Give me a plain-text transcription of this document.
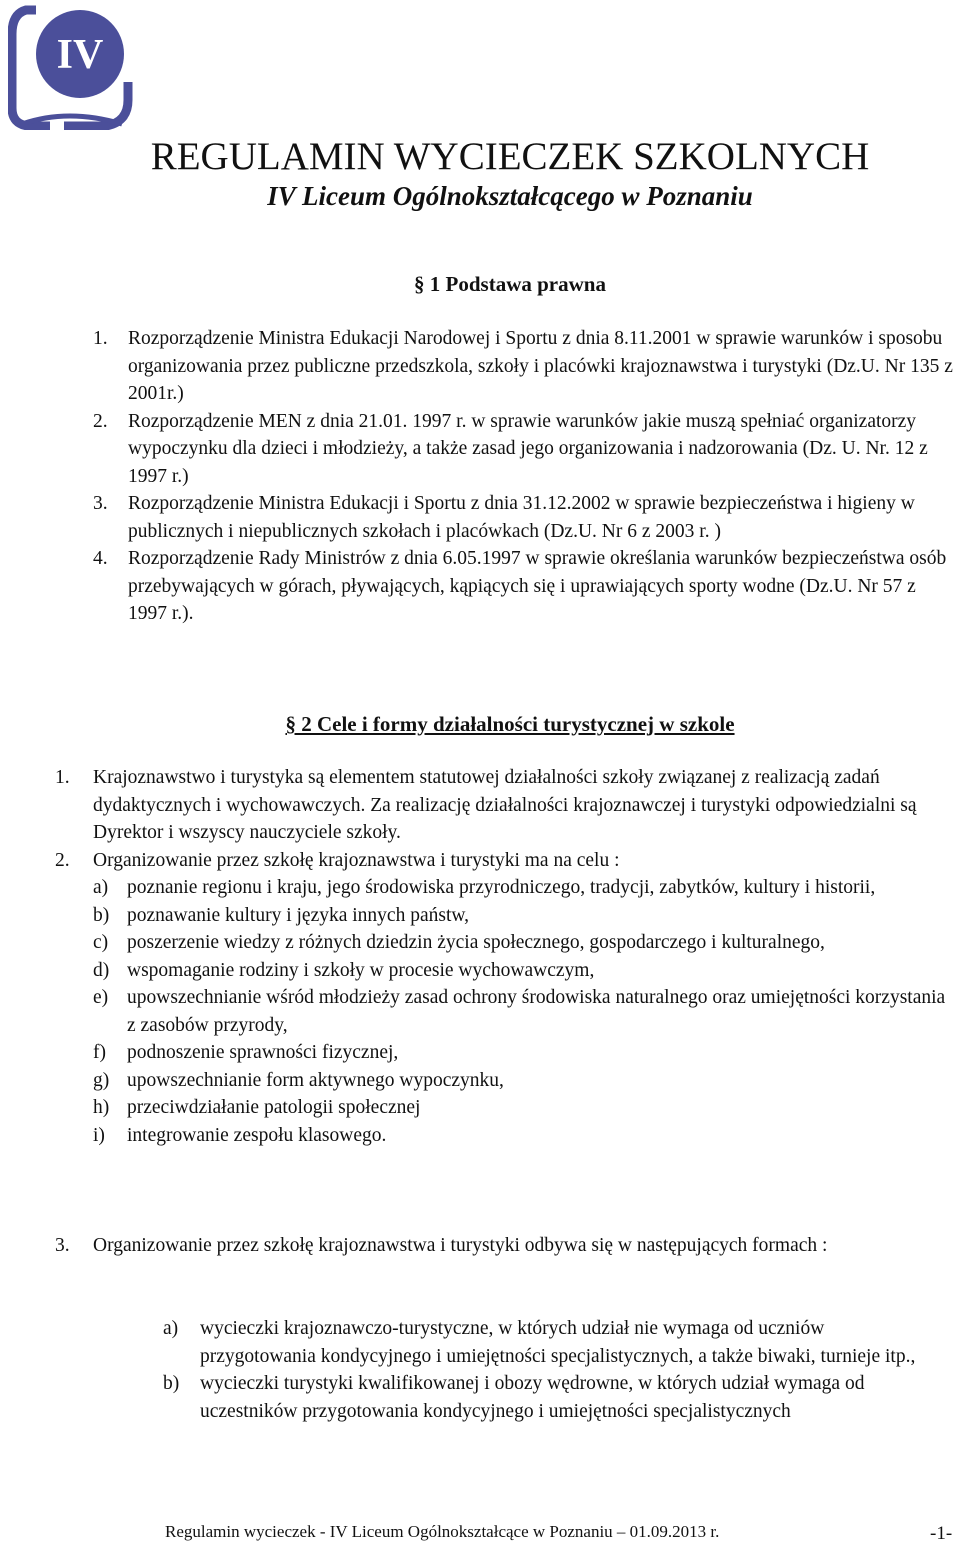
IV
REGULAMIN WYCIECZEK SZKOLNYCH
IV Liceum Ogólnokształcącego w Poznaniu
§ 1 Podstawa prawna
1.	Rozporządzenie Ministra Edukacji Narodowej i Sportu z dnia 8.11.2001 w sprawie warunków i sposobu organizowania przez publiczne przedszkola, szkoły i placówki krajoznawstwa i turystyki (Dz.U. Nr 135 z 2001r.)
2.	Rozporządzenie MEN z dnia 21.01. 1997 r. w sprawie warunków jakie muszą spełniać organizatorzy wypoczynku dla dzieci i młodzieży, a także zasad jego organizowania i nadzorowania (Dz. U. Nr. 12 z 1997 r.)
3.	Rozporządzenie Ministra Edukacji i Sportu z dnia 31.12.2002 w sprawie bezpieczeństwa i higieny w publicznych i niepublicznych szkołach i placówkach (Dz.U. Nr 6 z 2003 r. )
4.	Rozporządzenie Rady Ministrów z dnia 6.05.1997 w sprawie określania warunków bezpieczeństwa osób przebywających w górach, pływających, kąpiących się i uprawiających sporty wodne (Dz.U. Nr 57 z 1997 r.).
§ 2 Cele i formy działalności turystycznej w szkole
1.	Krajoznawstwo i turystyka są elementem statutowej działalności szkoły związanej z realizacją zadań dydaktycznych i wychowawczych. Za realizację działalności krajoznawczej i turystyki odpowiedzialni są Dyrektor i wszyscy nauczyciele szkoły.
2.	Organizowanie przez szkołę krajoznawstwa i turystyki ma na celu :
a) poznanie regionu i kraju, jego środowiska przyrodniczego, tradycji, zabytków, kultury i historii,
b) poznawanie kultury i języka innych państw,
c) poszerzenie wiedzy z różnych dziedzin życia społecznego, gospodarczego i kulturalnego,
d) wspomaganie rodziny i szkoły w procesie wychowawczym,
e) upowszechnianie wśród młodzieży zasad ochrony środowiska naturalnego oraz umiejętności korzystania z zasobów przyrody,
f)	podnoszenie sprawności fizycznej,
g) upowszechnianie form aktywnego wypoczynku,
h) przeciwdziałanie patologii społecznej
i)	integrowanie zespołu klasowego.
3.	Organizowanie przez szkołę krajoznawstwa i turystyki odbywa się w następujących formach :
a)	wycieczki krajoznawczo-turystyczne, w których udział nie wymaga od uczniów przygotowania kondycyjnego i umiejętności specjalistycznych, a także biwaki, turnieje itp.,
b)	wycieczki turystyki kwalifikowanej i obozy wędrowne, w których udział wymaga od uczestników przygotowania kondycyjnego i umiejętności specjalistycznych
Regulamin wycieczek - IV Liceum Ogólnokształcące w Poznaniu – 01.09.2013 r.	-1-
